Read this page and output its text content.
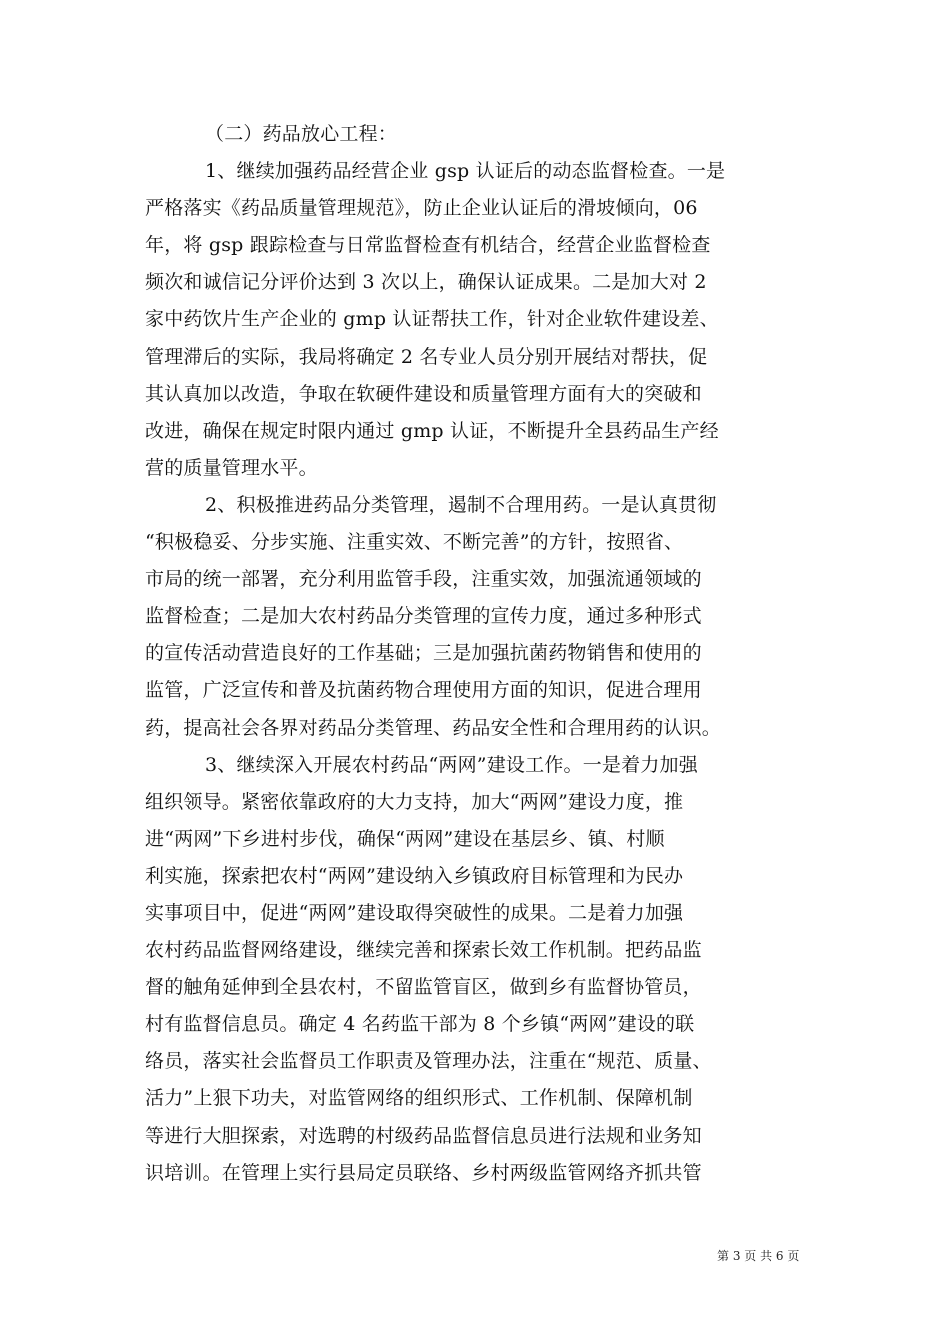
（二）药品放心工程：
1、继续加强药品经营企业 gsp 认证后的动态监督检查。一是
严格落实《药品质量管理规范》，防止企业认证后的滑坡倾向，06
年，将 gsp 跟踪检查与日常监督检查有机结合，经营企业监督检查
频次和诚信记分评价达到 3 次以上，确保认证成果。二是加大对 2
家中药饮片生产企业的 gmp 认证帮扶工作，针对企业软件建设差、
管理滞后的实际，我局将确定 2 名专业人员分别开展结对帮扶，促
其认真加以改造，争取在软硬件建设和质量管理方面有大的突破和
改进，确保在规定时限内通过 gmp 认证，不断提升全县药品生产经
营的质量管理水平。
2、积极推进药品分类管理，遏制不合理用药。一是认真贯彻
“积极稳妥、分步实施、注重实效、不断完善”的方针，按照省、
市局的统一部署，充分利用监管手段，注重实效，加强流通领域的
监督检查；二是加大农村药品分类管理的宣传力度，通过多种形式
的宣传活动营造良好的工作基础；三是加强抗菌药物销售和使用的
监管，广泛宣传和普及抗菌药物合理使用方面的知识，促进合理用
药，提高社会各界对药品分类管理、药品安全性和合理用药的认识。
3、继续深入开展农村药品“两网”建设工作。一是着力加强
组织领导。紧密依靠政府的大力支持，加大“两网”建设力度，推
进“两网”下乡进村步伐，确保“两网”建设在基层乡、镇、村顺
利实施，探索把农村“两网”建设纳入乡镇政府目标管理和为民办
实事项目中，促进“两网”建设取得突破性的成果。二是着力加强
农村药品监督网络建设，继续完善和探索长效工作机制。把药品监
督的触角延伸到全县农村，不留监管盲区，做到乡有监督协管员，
村有监督信息员。确定 4 名药监干部为 8 个乡镇“两网”建设的联
络员，落实社会监督员工作职责及管理办法，注重在“规范、质量、
活力”上狠下功夫，对监管网络的组织形式、工作机制、保障机制
等进行大胆探索，对选聘的村级药品监督信息员进行法规和业务知
识培训。在管理上实行县局定员联络、乡村两级监管网络齐抓共管
第 3 页 共 6 页
